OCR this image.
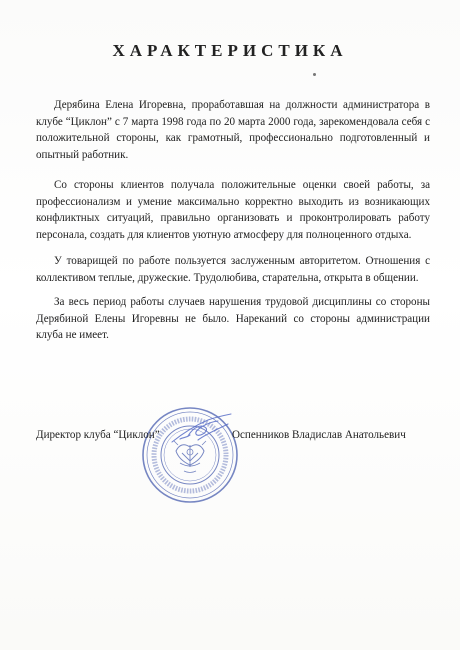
ХАРАКТЕРИСТИКА
Дерябина Елена Игоревна, проработавшая на должности администратора в клубе “Циклон” с 7 марта 1998 года по 20 марта 2000 года, зарекомендовала себя с положительной стороны, как грамотный, профессионально подготовленный и опытный работник.
Со стороны клиентов получала положительные оценки своей работы, за профессионализм и умение максимально корректно выходить из возникающих конфликтных ситуаций, правильно организовать и проконтролировать работу персонала, создать для клиентов уютную атмосферу для полноценного отдыха.
У товарищей по работе пользуется заслуженным авторитетом. Отношения с коллективом теплые, дружеские. Трудолюбива, старательна, открыта в общении.
За весь период работы случаев нарушения трудовой дисциплины со стороны Дерябиной Елены Игоревны не было. Нареканий со стороны администрации клуба не имеет.
Директор клуба “Циклон”	Оспенников Владислав Анатольевич
